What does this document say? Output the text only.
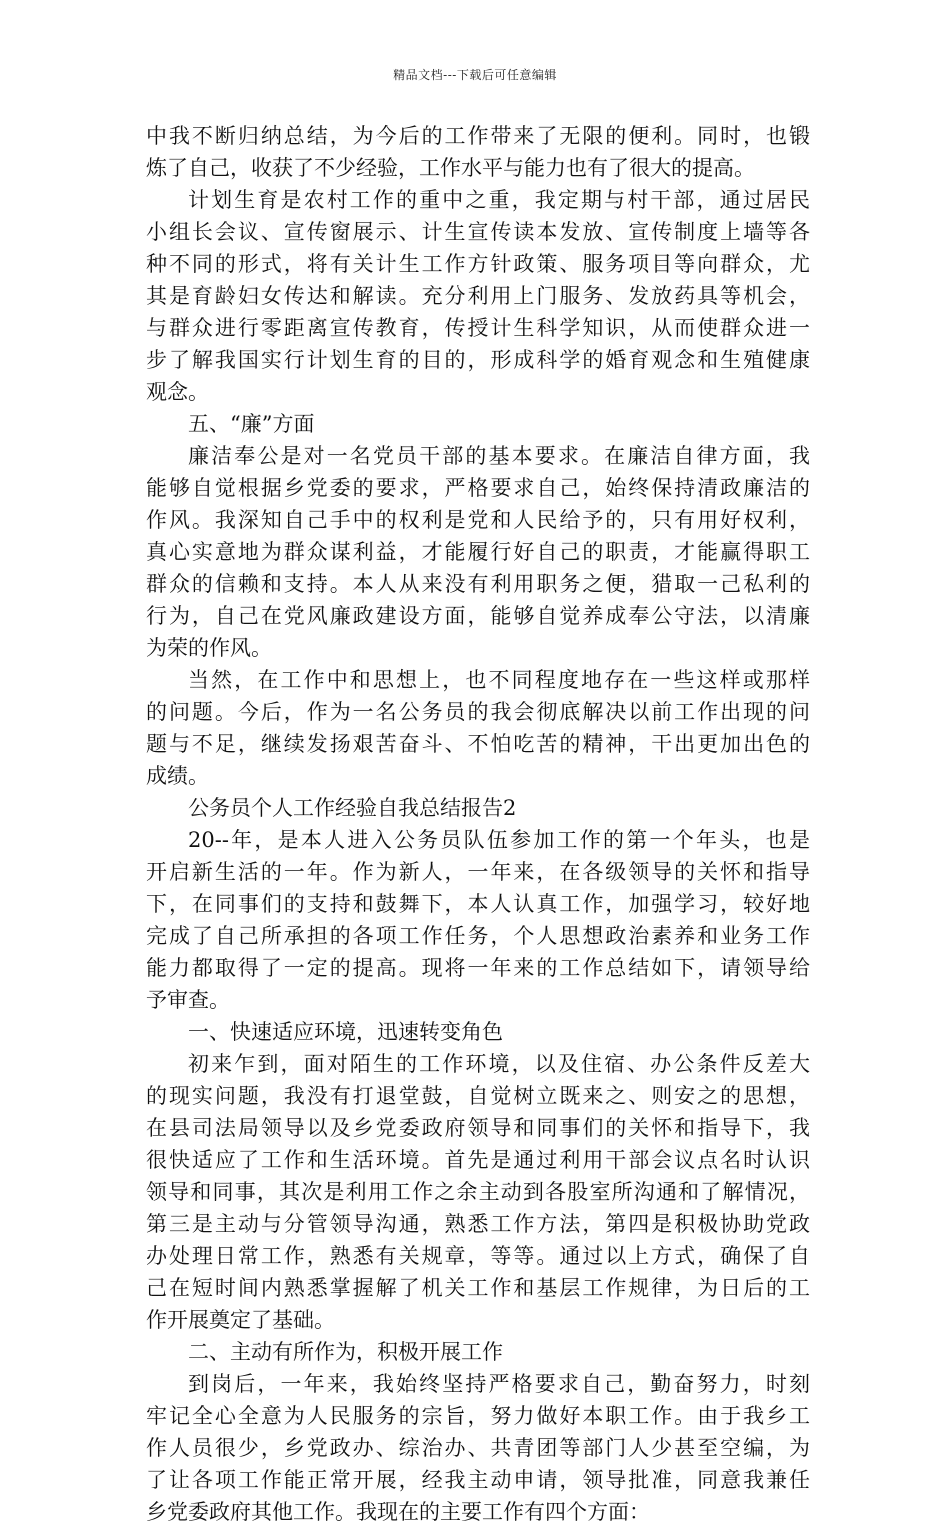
精品文档---下载后可任意编辑
中我不断归纳总结，为今后的工作带来了无限的便利。同时，也锻
炼了自己，收获了不少经验，工作水平与能力也有了很大的提高。
计划生育是农村工作的重中之重，我定期与村干部，通过居民
小组长会议、宣传窗展示、计生宣传读本发放、宣传制度上墙等各
种不同的形式，将有关计生工作方针政策、服务项目等向群众，尤
其是育龄妇女传达和解读。充分利用上门服务、发放药具等机会，
与群众进行零距离宣传教育，传授计生科学知识，从而使群众进一
步了解我国实行计划生育的目的，形成科学的婚育观念和生殖健康
观念。
五、“廉”方面
廉洁奉公是对一名党员干部的基本要求。在廉洁自律方面，我
能够自觉根据乡党委的要求，严格要求自己，始终保持清政廉洁的
作风。我深知自己手中的权利是党和人民给予的，只有用好权利，
真心实意地为群众谋利益，才能履行好自己的职责，才能赢得职工
群众的信赖和支持。本人从来没有利用职务之便，猎取一己私利的
行为，自己在党风廉政建设方面，能够自觉养成奉公守法，以清廉
为荣的作风。
当然，在工作中和思想上，也不同程度地存在一些这样或那样
的问题。今后，作为一名公务员的我会彻底解决以前工作出现的问
题与不足，继续发扬艰苦奋斗、不怕吃苦的精神，干出更加出色的
成绩。
公务员个人工作经验自我总结报告2
20--年，是本人进入公务员队伍参加工作的第一个年头，也是
开启新生活的一年。作为新人，一年来，在各级领导的关怀和指导
下，在同事们的支持和鼓舞下，本人认真工作，加强学习，较好地
完成了自己所承担的各项工作任务，个人思想政治素养和业务工作
能力都取得了一定的提高。现将一年来的工作总结如下，请领导给
予审查。
一、快速适应环境，迅速转变角色
初来乍到，面对陌生的工作环境，以及住宿、办公条件反差大
的现实问题，我没有打退堂鼓，自觉树立既来之、则安之的思想，
在县司法局领导以及乡党委政府领导和同事们的关怀和指导下，我
很快适应了工作和生活环境。首先是通过利用干部会议点名时认识
领导和同事，其次是利用工作之余主动到各股室所沟通和了解情况，
第三是主动与分管领导沟通，熟悉工作方法，第四是积极协助党政
办处理日常工作，熟悉有关规章，等等。通过以上方式，确保了自
己在短时间内熟悉掌握解了机关工作和基层工作规律，为日后的工
作开展奠定了基础。
二、主动有所作为，积极开展工作
到岗后，一年来，我始终坚持严格要求自己，勤奋努力，时刻
牢记全心全意为人民服务的宗旨，努力做好本职工作。由于我乡工
作人员很少，乡党政办、综治办、共青团等部门人少甚至空编，为
了让各项工作能正常开展，经我主动申请，领导批准，同意我兼任
乡党委政府其他工作。我现在的主要工作有四个方面：
